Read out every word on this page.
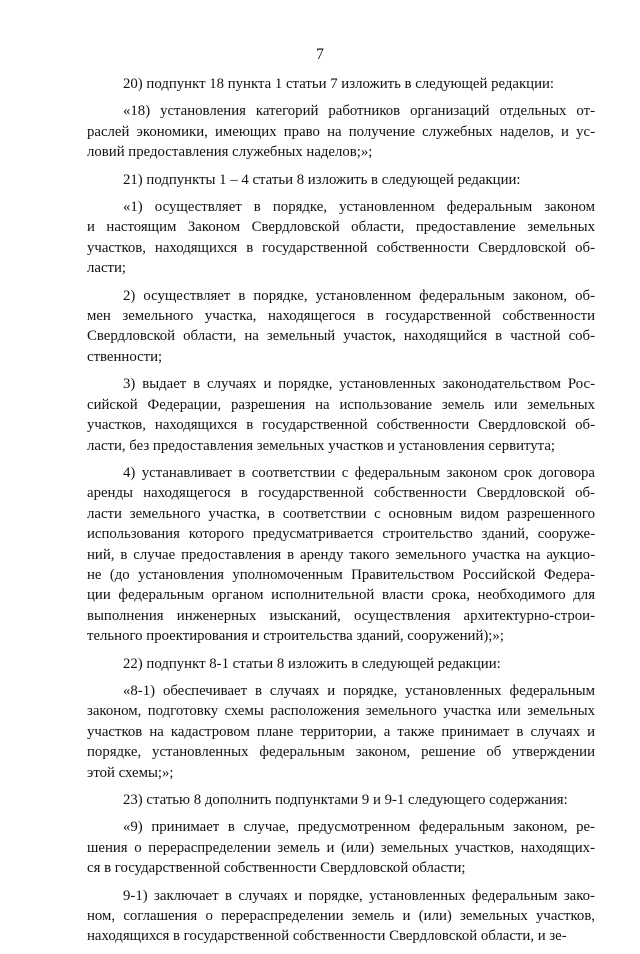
7

20) подпункт 18 пункта 1 статьи 7 изложить в следующей редакции:

«18) установления категорий работников организаций отдельных от-
раслей экономики, имеющих право на получение служебных наделов, и ус-
ловий предоставления служебных наделов;»;

21) подпункты 1 – 4 статьи 8 изложить в следующей редакции:

«1) осуществляет в порядке, установленном федеральным законом
и настоящим Законом Свердловской области, предоставление земельных
участков, находящихся в государственной собственности Свердловской об-
ласти;

2) осуществляет в порядке, установленном федеральным законом, об-
мен земельного участка, находящегося в государственной собственности
Свердловской области, на земельный участок, находящийся в частной соб-
ственности;

3) выдает в случаях и порядке, установленных законодательством Рос-
сийской Федерации, разрешения на использование земель или земельных
участков, находящихся в государственной собственности Свердловской об-
ласти, без предоставления земельных участков и установления сервитута;

4) устанавливает в соответствии с федеральным законом срок договора
аренды находящегося в государственной собственности Свердловской об-
ласти земельного участка, в соответствии с основным видом разрешенного
использования которого предусматривается строительство зданий, сооруже-
ний, в случае предоставления в аренду такого земельного участка на аукцио-
не (до установления уполномоченным Правительством Российской Федера-
ции федеральным органом исполнительной власти срока, необходимого для
выполнения инженерных изысканий, осуществления архитектурно-строи-
тельного проектирования и строительства зданий, сооружений);»;

22) подпункт 8-1 статьи 8 изложить в следующей редакции:

«8-1) обеспечивает в случаях и порядке, установленных федеральным
законом, подготовку схемы расположения земельного участка или земельных
участков на кадастровом плане территории, а также принимает в случаях и
порядке, установленных федеральным законом, решение об утверждении
этой схемы;»;

23) статью 8 дополнить подпунктами 9 и 9-1 следующего содержания:

«9) принимает в случае, предусмотренном федеральным законом, ре-
шения о перераспределении земель и (или) земельных участков, находящих-
ся в государственной собственности Свердловской области;

9-1) заключает в случаях и порядке, установленных федеральным зако-
ном, соглашения о перераспределении земель и (или) земельных участков,
находящихся в государственной собственности Свердловской области, и зе-
